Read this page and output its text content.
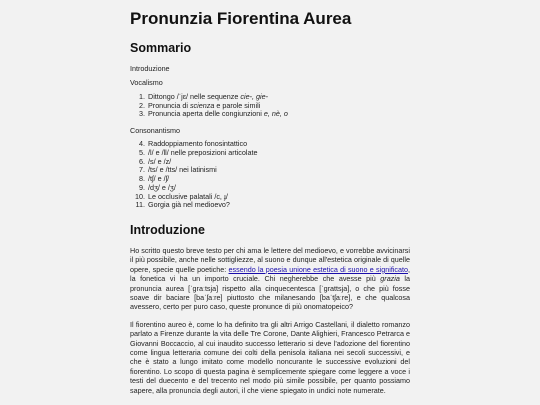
Pronunzia Fiorentina Aurea
Sommario
Introduzione
Vocalismo
1. Dittongo /ˈjɛ/ nelle sequenze cie-, gie-
2. Pronuncia di scienza e parole simili
3. Pronuncia aperta delle congiunzioni e, nè, o
Consonantismo
4. Raddoppiamento fonosintattico
5. /l/ e /ll/ nelle preposizioni articolate
6. /s/ e /z/
7. /ts/ e /tts/ nei latinismi
8. /tʃ/ e /ʃ/
9. /dʒ/ e /ʒ/
10. Le occlusive palatali /c, ɟ/
11. Gorgia già nel medioevo?
Introduzione

Ho scritto questo breve testo per chi ama le lettere del medioevo, e vorrebbe avvicinarsi il più possibile, anche nelle sottigliezze, al suono e dunque all'estetica originale di quelle opere, specie quelle poetiche: essendo la poesia unione estetica di suono e significato, la fonetica vi ha un importo cruciale. Chi negherebbe che avesse più grazia la pronuncia aurea [ˈɡraːtsja] rispetto alla cinquecentesca [ˈɡrattsja], o che più fosse soave dir baciare [baˈʃaːre] piuttosto che milanesando [baˈtʃaːre], e che qualcosa avessero, certo per puro caso, queste pronunce di più onomatopeico?

Il fiorentino aureo è, come lo ha definito tra gli altri Arrigo Castellani, il dialetto romanzo parlato a Firenze durante la vita delle Tre Corone, Dante Alighieri, Francesco Petrarca e Giovanni Boccaccio, al cui inaudito successo letterario si deve l'adozione del fiorentino come lingua letteraria comune dei colti della penisola italiana nei secoli successivi, e che è stato a lungo imitato come modello noncurante le successive evoluzioni del fiorentino. Lo scopo di questa pagina è semplicemente spiegare come leggere a voce i testi del duecento e del trecento nel modo più simile possibile, per quanto possiamo sapere, alla pronuncia degli autori, il che viene spiegato in undici note numerate.
